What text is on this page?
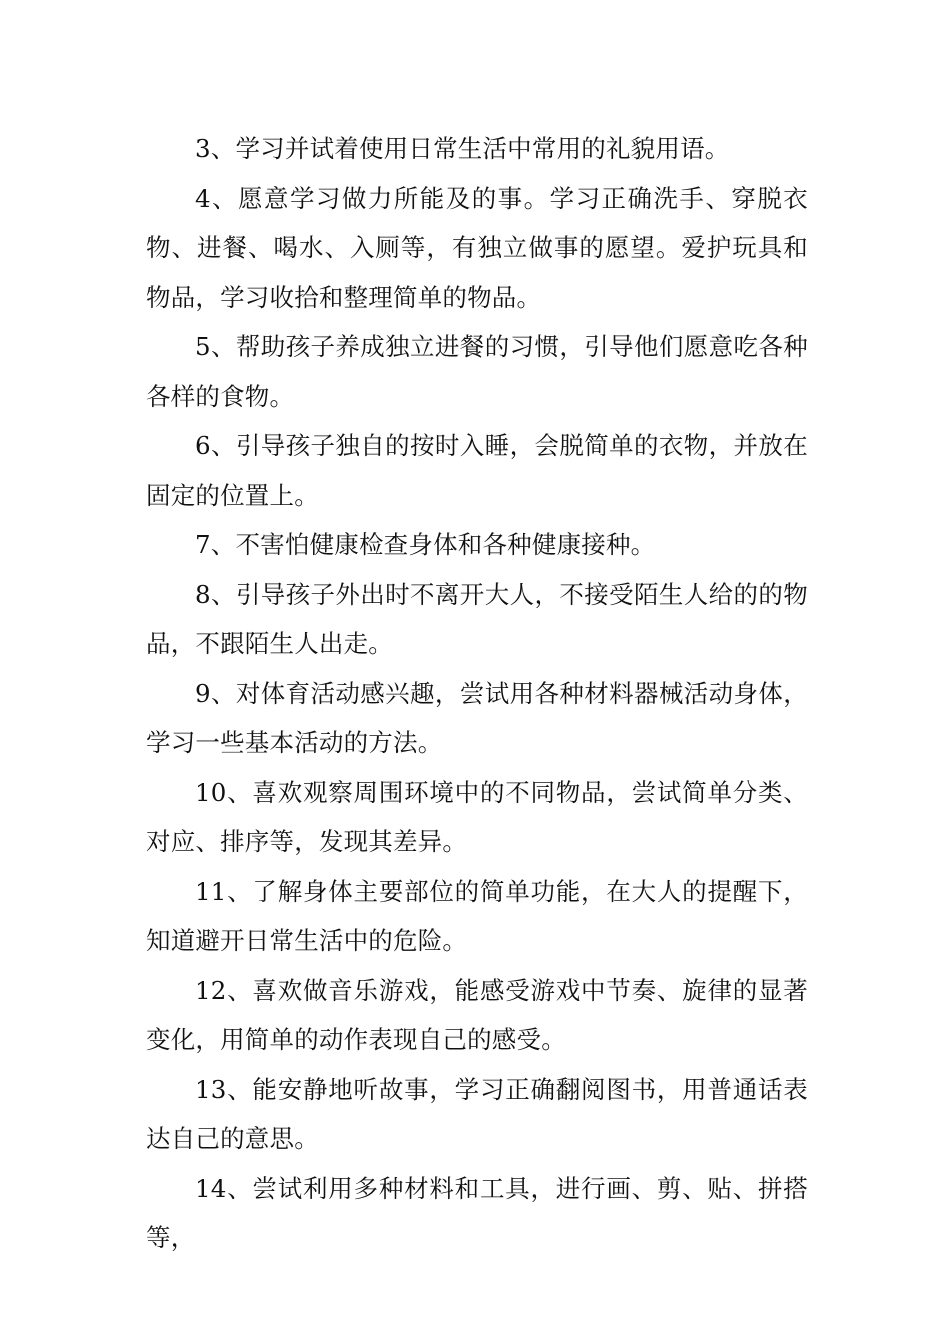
3、学习并试着使用日常生活中常用的礼貌用语。

4、愿意学习做力所能及的事。学习正确洗手、穿脱衣物、进餐、喝水、入厕等，有独立做事的愿望。爱护玩具和物品，学习收拾和整理简单的物品。

5、帮助孩子养成独立进餐的习惯，引导他们愿意吃各种各样的食物。

6、引导孩子独自的按时入睡，会脱简单的衣物，并放在固定的位置上。

7、不害怕健康检查身体和各种健康接种。

8、引导孩子外出时不离开大人，不接受陌生人给的的物品，不跟陌生人出走。

9、对体育活动感兴趣，尝试用各种材料器械活动身体，学习一些基本活动的方法。

10、喜欢观察周围环境中的不同物品，尝试简单分类、对应、排序等，发现其差异。

11、了解身体主要部位的简单功能，在大人的提醒下，知道避开日常生活中的危险。

12、喜欢做音乐游戏，能感受游戏中节奏、旋律的显著变化，用简单的动作表现自己的感受。

13、能安静地听故事，学习正确翻阅图书，用普通话表达自己的意思。

14、尝试利用多种材料和工具，进行画、剪、贴、拼搭等，
